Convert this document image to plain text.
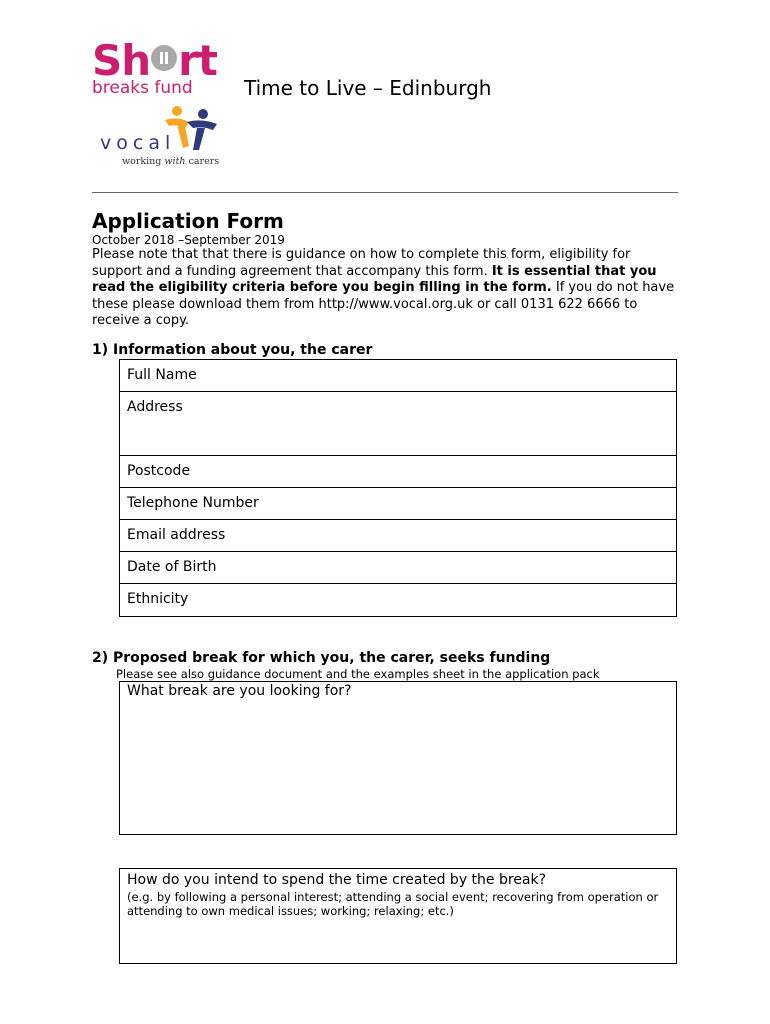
Sh rt
breaks fund	Time to Live – Edinburgh
vocal
working with carers
Application Form
October 2018 –September 2019
Please note that that there is guidance on how to complete this form, eligibility for support and a funding agreement that accompany this form. It is essential that you read the eligibility criteria before you begin filling in the form. If you do not have these please download them from http://www.vocal.org.uk or call 0131 622 6666 to receive a copy.
1) Information about you, the carer
Full Name
Address
Postcode
Telephone Number
Email address
Date of Birth
Ethnicity
2) Proposed break for which you, the carer, seeks funding
Please see also guidance document and the examples sheet in the application pack
What break are you looking for?
How do you intend to spend the time created by the break?
(e.g. by following a personal interest; attending a social event; recovering from operation or attending to own medical issues; working; relaxing; etc.)
